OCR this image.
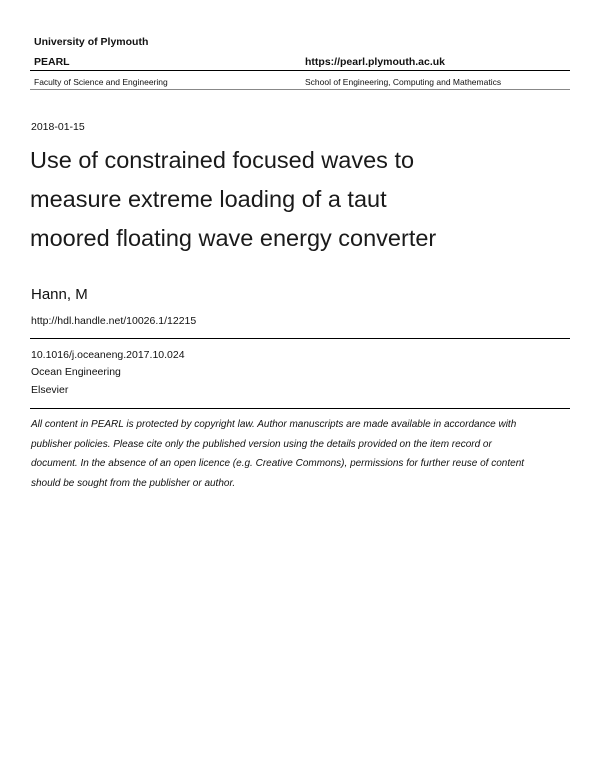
University of Plymouth
PEARL	https://pearl.plymouth.ac.uk
Faculty of Science and Engineering	School of Engineering, Computing and Mathematics
2018-01-15
Use of constrained focused waves to
measure extreme loading of a taut
moored floating wave energy converter
Hann, M
http://hdl.handle.net/10026.1/12215
10.1016/j.oceaneng.2017.10.024
Ocean Engineering
Elsevier
All content in PEARL is protected by copyright law. Author manuscripts are made available in accordance with
publisher policies. Please cite only the published version using the details provided on the item record or
document. In the absence of an open licence (e.g. Creative Commons), permissions for further reuse of content
should be sought from the publisher or author.
